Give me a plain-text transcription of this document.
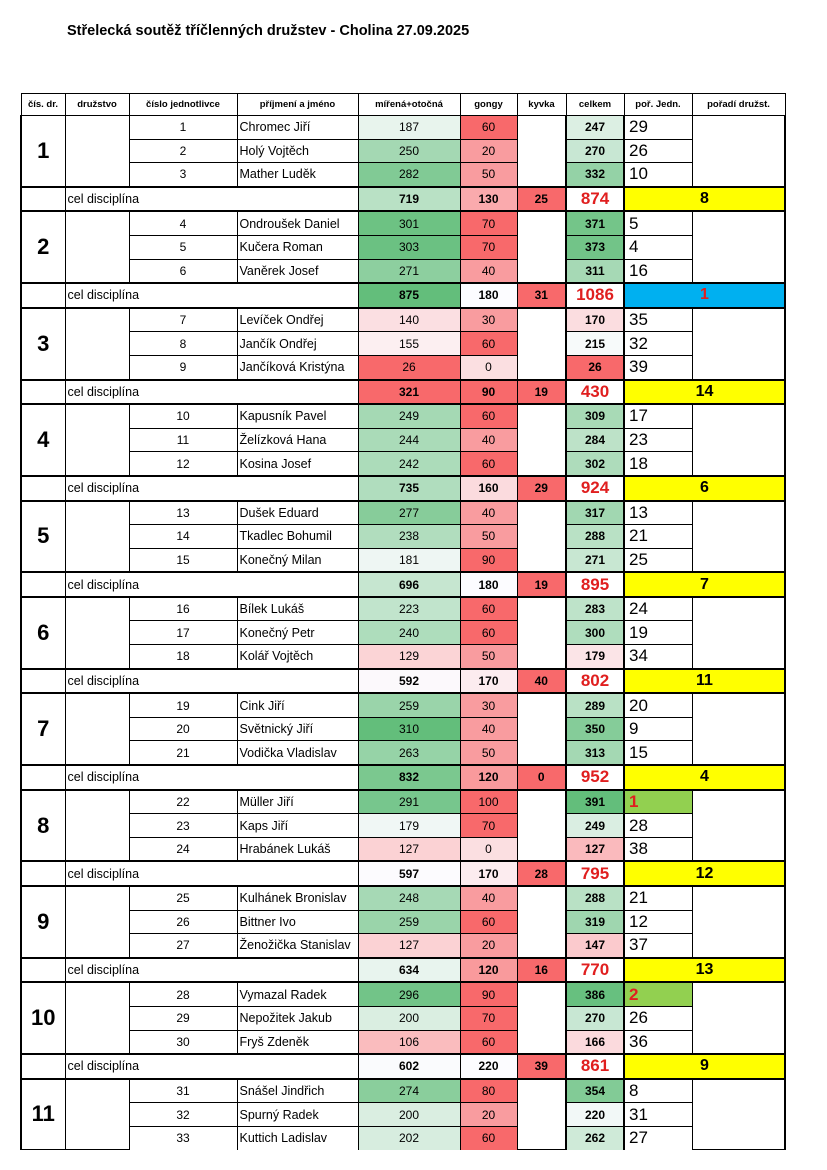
Střelecká soutěž tříčlenných družstev - Cholina 27.09.2025
čís. dr.	družstvo	číslo jednotlivce	příjmení a jméno	mířená+otočná	gongy	kyvka	celkem	poř. Jedn.	pořadí družst.
1		1	Chromec Jiří	187	60		247	29	
		2	Holý Vojtěch	250	20		270	26	
		3	Mather Luděk	282	50		332	10	
	cel disciplína			719	130	25	874	8	
2		4	Ondroušek Daniel	301	70		371	5	
		5	Kučera Roman	303	70		373	4	
		6	Vaněrek Josef	271	40		311	16	
	cel disciplína			875	180	31	1086	1	
3		7	Levíček Ondřej	140	30		170	35	
		8	Jančík Ondřej	155	60		215	32	
		9	Jančíková Kristýna	26	0		26	39	
	cel disciplína			321	90	19	430	14	
4		10	Kapusník Pavel	249	60		309	17	
		11	Želízková Hana	244	40		284	23	
		12	Kosina Josef	242	60		302	18	
	cel disciplína			735	160	29	924	6	
5		13	Dušek Eduard	277	40		317	13	
		14	Tkadlec Bohumil	238	50		288	21	
		15	Konečný Milan	181	90		271	25	
	cel disciplína			696	180	19	895	7	
6		16	Bílek Lukáš	223	60		283	24	
		17	Konečný Petr	240	60		300	19	
		18	Kolář Vojtěch	129	50		179	34	
	cel disciplína			592	170	40	802	11	
7		19	Cink Jiří	259	30		289	20	
		20	Světnický Jiří	310	40		350	9	
		21	Vodička Vladislav	263	50		313	15	
	cel disciplína			832	120	0	952	4	
8		22	Müller Jiří	291	100		391	1	
		23	Kaps Jiří	179	70		249	28	
		24	Hrabánek Lukáš	127	0		127	38	
	cel disciplína			597	170	28	795	12	
9		25	Kulhánek Bronislav	248	40		288	21	
		26	Bittner Ivo	259	60		319	12	
		27	Ženožička Stanislav	127	20		147	37	
	cel disciplína			634	120	16	770	13	
10		28	Vymazal Radek	296	90		386	2	
		29	Nepožitek Jakub	200	70		270	26	
		30	Fryš Zdeněk	106	60		166	36	
	cel disciplína			602	220	39	861	9	
11		31	Snášel Jindřich	274	80		354	8	
		32	Spurný Radek	200	20		220	31	
		33	Kuttich Ladislav	202	60		262	27	
